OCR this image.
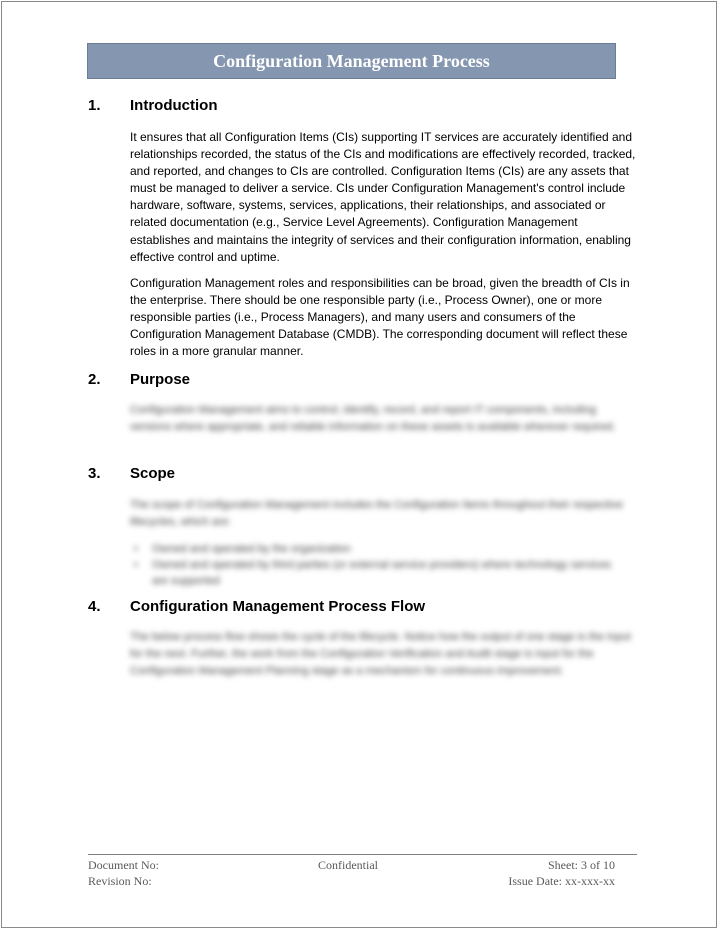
Configuration Management Process
1. Introduction

It ensures that all Configuration Items (CIs) supporting IT services are accurately identified and relationships recorded, the status of the CIs and modifications are effectively recorded, tracked, and reported, and changes to CIs are controlled. Configuration Items (CIs) are any assets that must be managed to deliver a service. CIs under Configuration Management's control include hardware, software, systems, services, applications, their relationships, and associated or related documentation (e.g., Service Level Agreements). Configuration Management establishes and maintains the integrity of services and their configuration information, enabling effective control and uptime.

Configuration Management roles and responsibilities can be broad, given the breadth of CIs in the enterprise. There should be one responsible party (i.e., Process Owner), one or more responsible parties (i.e., Process Managers), and many users and consumers of the Configuration Management Database (CMDB). The corresponding document will reflect these roles in a more granular manner.

2. Purpose

Configuration Management aims to control, identify, record, and report IT components, including versions where appropriate, and reliable information on these assets is available wherever required.

3. Scope

The scope of Configuration Management includes the Configuration Items throughout their respective lifecycles, which are:

• Owned and operated by the organization
• Owned and operated by third parties (or external service providers) where technology services are supported
4. Configuration Management Process Flow

The below process flow shows the cycle of the lifecycle. Notice how the output of one stage is the input for the next. Further, the work from the Configuration Verification and Audit stage is input for the Configuration Management Planning stage as a mechanism for continuous improvement.

Document No:
Revision No:
Confidential	Sheet: 3 of 10
Issue Date: xx-xxx-xx
